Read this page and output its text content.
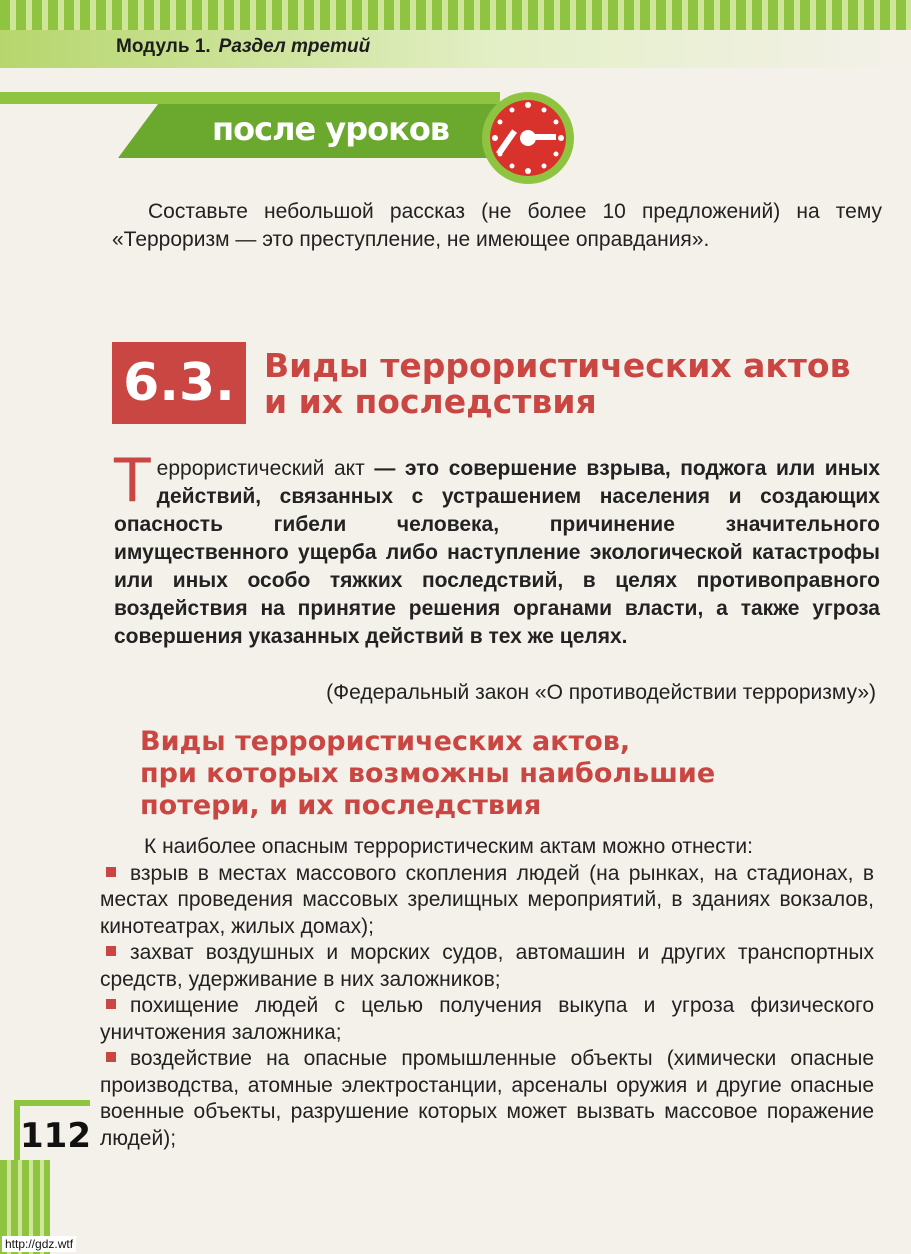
Модуль 1. Раздел третий
после уроков
Составьте небольшой рассказ (не более 10 предложений) на тему «Терроризм — это преступление, не имеющее оправдания».
6.3. Виды террористических актов
и их последствия
Террористический акт — это совершение взрыва, поджога или иных действий, связанных с устрашением населения и создающих опасность гибели человека, причинение значительного имущественного ущерба либо наступление экологической катастрофы или иных особо тяжких последствий, в целях противоправного воздействия на принятие решения органами власти, а также угроза совершения указанных действий в тех же целях.
(Федеральный закон «О противодействии терроризму»)
Виды террористических актов,
при которых возможны наибольшие
потери, и их последствия

К наиболее опасным террористическим актам можно отнести:

взрыв в местах массового скопления людей (на рынках, на стадионах, в местах проведения массовых зрелищных мероприятий, в зданиях вокзалов, кинотеатрах, жилых домах);

захват воздушных и морских судов, автомашин и других транспортных средств, удерживание в них заложников;

похищение людей с целью получения выкупа и угроза физического уничтожения заложника;

воздействие на опасные промышленные объекты (химически опасные производства, атомные электростанции, арсеналы оружия и другие опасные военные объекты, разрушение которых может вызвать массовое поражение людей);

112
http://gdz.wtf
